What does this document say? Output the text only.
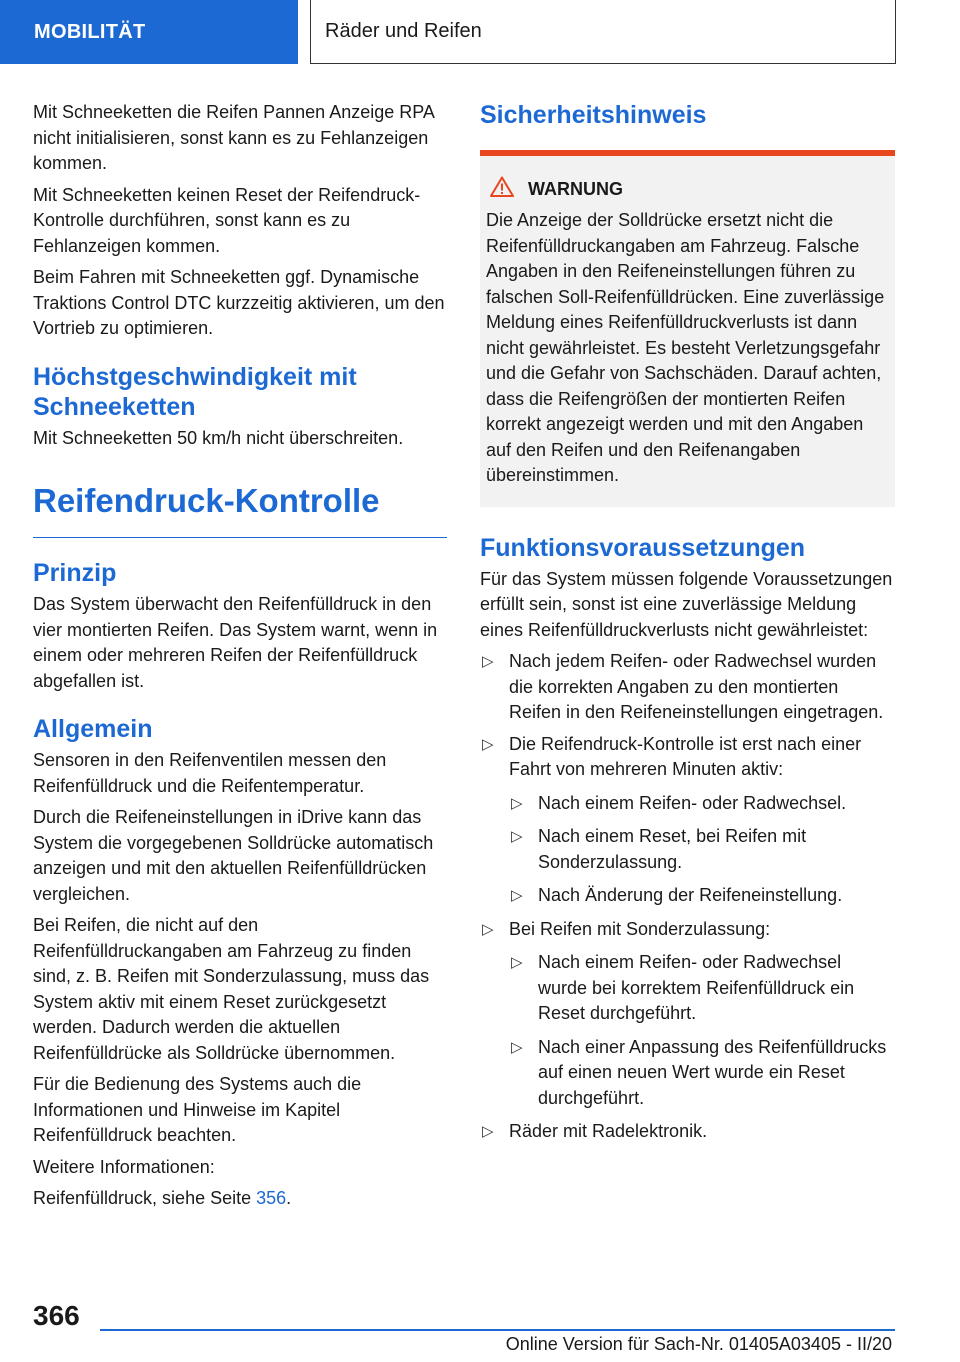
MOBILITÄT	Räder und Reifen

Mit Schneeketten die Reifen Pannen Anzeige RPA nicht initialisieren, sonst kann es zu Fehlanzeigen kommen.

Mit Schneeketten keinen Reset der Reifendruck-Kontrolle durchführen, sonst kann es zu Fehlanzeigen kommen.

Beim Fahren mit Schneeketten ggf. Dynamische Traktions Control DTC kurzzeitig aktivieren, um den Vortrieb zu optimieren.

Höchstgeschwindigkeit mit Schneeketten

Mit Schneeketten 50 km/h nicht überschreiten.

Reifendruck-Kontrolle
Prinzip

Das System überwacht den Reifenfülldruck in den vier montierten Reifen. Das System warnt, wenn in einem oder mehreren Reifen der Reifenfülldruck abgefallen ist.

Allgemein

Sensoren in den Reifenventilen messen den Reifenfülldruck und die Reifentemperatur.

Durch die Reifeneinstellungen in iDrive kann das System die vorgegebenen Solldrücke automatisch anzeigen und mit den aktuellen Reifenfülldrücken vergleichen.

Bei Reifen, die nicht auf den Reifenfülldruckangaben am Fahrzeug zu finden sind, z. B. Reifen mit Sonderzulassung, muss das System aktiv mit einem Reset zurückgesetzt werden. Dadurch werden die aktuellen Reifenfülldrücke als Solldrücke übernommen.

Für die Bedienung des Systems auch die Informationen und Hinweise im Kapitel Reifenfülldruck beachten.

Weitere Informationen:

Reifenfülldruck, siehe Seite 356.

Sicherheitshinweis
WARNUNG

Die Anzeige der Solldrücke ersetzt nicht die Reifenfülldruckangaben am Fahrzeug. Falsche Angaben in den Reifeneinstellungen führen zu falschen Soll-Reifenfülldrücken. Eine zuverlässige Meldung eines Reifenfülldruckverlusts ist dann nicht gewährleistet. Es besteht Verletzungsgefahr und die Gefahr von Sachschäden. Darauf achten, dass die Reifengrößen der montierten Reifen korrekt angezeigt werden und mit den Angaben auf den Reifen und den Reifenangaben übereinstimmen.

Funktionsvoraussetzungen

Für das System müssen folgende Voraussetzungen erfüllt sein, sonst ist eine zuverlässige Meldung eines Reifenfülldruckverlusts nicht gewährleistet:

▷ Nach jedem Reifen- oder Radwechsel wurden die korrekten Angaben zu den montierten Reifen in den Reifeneinstellungen eingetragen.
▷ Die Reifendruck-Kontrolle ist erst nach einer Fahrt von mehreren Minuten aktiv:
▷ Nach einem Reifen- oder Radwechsel.
▷ Nach einem Reset, bei Reifen mit Sonderzulassung.
▷ Nach Änderung der Reifeneinstellung.
▷ Bei Reifen mit Sonderzulassung:
▷ Nach einem Reifen- oder Radwechsel wurde bei korrektem Reifenfülldruck ein Reset durchgeführt.
▷ Nach einer Anpassung des Reifenfülldrucks auf einen neuen Wert wurde ein Reset durchgeführt.
▷ Räder mit Radelektronik.
366
Online Version für Sach-Nr. 01405A03405 - II/20
